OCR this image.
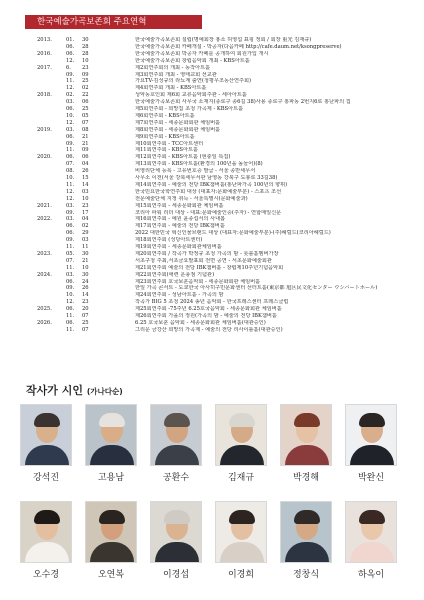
한국예술가곡보존회 주요연혁
2013.	01. 30	한국예술가곡보존회 설립(명예회장 홍소 허영섭 표핑 정회 / 회장 重光 김재규)
06. 28	한국예술가곡보존회 카페개설 - 박공자(다음카페 http://cafe.daum.net/ksongpreserve)
2016.	06. 28	한국예술가곡보존회 박공자 카페를 공개하여 회원가입 개시
12. 10	한국예술가곡보존회 창립음악회 개최 - KBS아트홀
2017.	6. 23	제2회연주회의 개최 - 동작아트홀
09. 09	제3회연주회 개최 - 영태교회 선교관
11. 25	가요TV-김성규의 라뇨계 출연(청평우조동산연주회)
12. 02	제4회연주회 개최 - KBS아트홀
2018.	02. 22	성악동호인회 제6회 교류음악회주관 - 세아아트홀
03. 06	한국예술가곡보존회 사무국 소재지(종로구 종6길 38)사용 종로구 홍파동 2번지6로 홍난파의 집
06. 25	제5회연주회 - 희망집 초청 가곡제 - KBS아트홀
10. 05	제6회연주회 - KBS아트홀
12. 07	제7회연주회 - 세종문화회관 체임버홀
2019.	03. 08	제8회연주회 - 세종문화회관 체임버홀
06. 21	제9회연주회 - KBS아트홀
09. 21	제10회연주회 - TCC아트센터
11. 09	제11회연주회 - KBS아트홀
2020.	06. 06	제12회연주회 - KBS아트홀 (현충일 특집)
07. 04	제13회연주회 - KBS아트홀(환경의 100년을 돌들어)(8)
08. 26	비영리단체 등록 - 고유번호증 발급 - 서울 종반세무서
10. 15	사무소 이전(서울 강북세무서관 남영동 강북구 도봉로 33길38)
11. 14	제14회연주회 - 예술의 전당 IBK챔버홀(홍난파가곡 100년의 향휘)
12. 03	한국민요한국학연주회 대상 (대표자:문화예술부분) - 스포츠 조선
12. 10	전문예술단체 지정 취득 - 서울특별시(문화예술과)
2021.	03. 23	제15회연주회 - 세종문화회관 체임버홀
09. 17	코리아 파워 리더 대상 - 대표:문화예술인증(주자) - 연합매일신문
2022.	03. 04	제16회연주회 - 예원 윤종섭서의 사내봄
06. 02	제17회연주회 - 예술의 전당 IBK챔버홀
06. 29	2022 대한민국 혁신인물브랜드 대상 (대표자:문화예술부분)-(주)헤럴드(코리아헤럴드)
09. 03	제18회연주회 (성당아트센터)
11. 11	제19회연주회 - 세종문화회관체임버홀
2023.	05. 30	제20회연주회 / 작곡가 박정규 초청 가곡의 밤 - 롯블홀멤버가장
07. 21	서초구청 주최,서초금요발표회 전면 공연 - 서초문화예술회관
11. 10	제21회연주회 예술의 전당 IBK챔버홀 - 창립제10주년기념음악회
2024.	03. 30	제22회연주회(애련 운풍점 기념관)
06. 24	제23회연주회 호국보훈음악회 - 세종문화회관 체임버홀
09. 26	한일 가곡 콘서트 - 도쿄한국 아사히구민문화센터 선터트홀(東京都 旭区民文化センター ウシバートホール)
10. 14	제24회연주회 - 성남아트홀 - 가곡의 밤
12. 23	작곡가 BIG 5 초청 2024 송년 음악회 - 한국프레스센터 프레스클럽
2025.	06. 20	제25회연주회 -75주년 6.25호국음악회 - 세종문화회관 체임버홀
11. 07	제26회연주회 가을의 정원(가곡의 밤 - 예술의 전당 IBK챔버홀
2026.	06. 25	6.25 호국보훈 음악회 - 세종문화회관 체임버홀(대관승인)
11. 07	그리운 금강산 희망의 가곡제 - 예술의 전당 리사이틀홀(대관승인)
작사가 시인 (가나다순)
강석진	고용남	공환수	김재규	박경해	박완신
오수경	오연복	이경섭	이경희	정창식	하옥이
